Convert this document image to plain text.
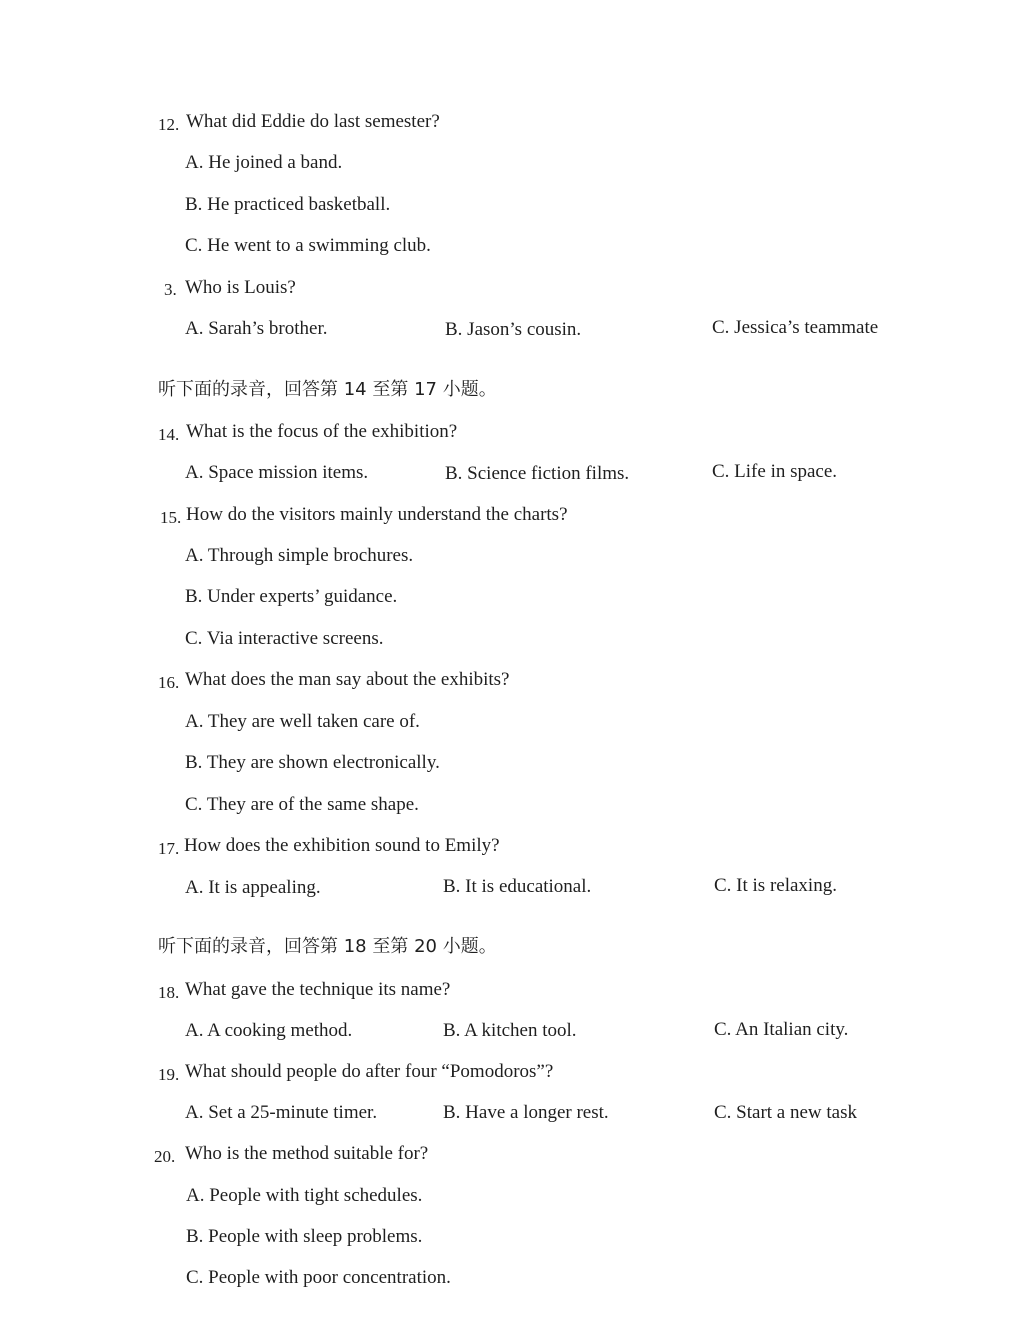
12. What did Eddie do last semester?
A. He joined a band.
B. He practiced basketball.
C. He went to a swimming club.
3. Who is Louis?
A. Sarah’s brother.	B. Jason’s cousin.	C. Jessica’s teammate
听下面的录音，回答第 14 至第 17 小题。
14. What is the focus of the exhibition?
A. Space mission items.	B. Science fiction films.	C. Life in space.
15. How do the visitors mainly understand the charts?
A. Through simple brochures.
B. Under experts’ guidance.
C. Via interactive screens.
16. What does the man say about the exhibits?
A. They are well taken care of.
B. They are shown electronically.
C. They are of the same shape.
17. How does the exhibition sound to Emily?
A. It is appealing.	B. It is educational.	C. It is relaxing.
听下面的录音，回答第 18 至第 20 小题。
18. What gave the technique its name?
A. A cooking method.	B. A kitchen tool.	C. An Italian city.
19. What should people do after four “Pomodoros”?
A. Set a 25-minute timer.	B. Have a longer rest.	C. Start a new task
20. Who is the method suitable for?
A. People with tight schedules.
B. People with sleep problems.
C. People with poor concentration.
